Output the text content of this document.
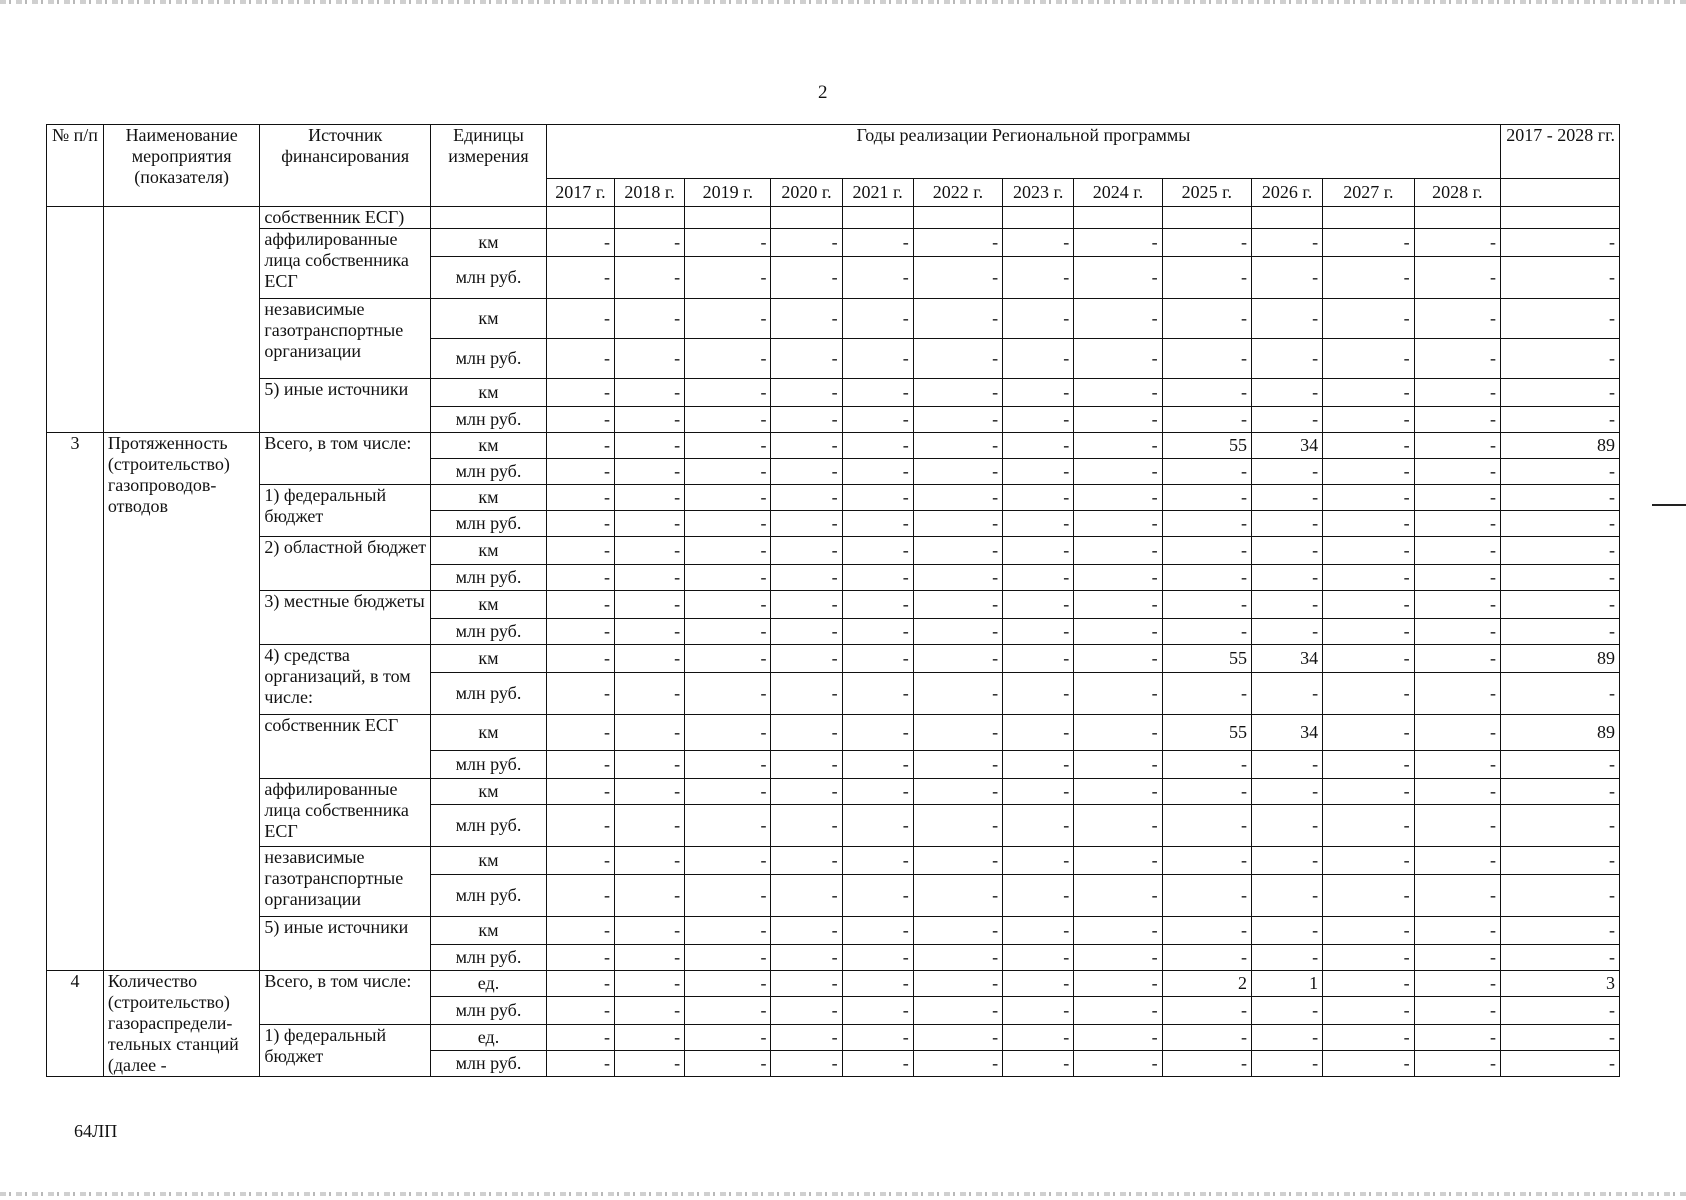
2
№ п/п	Наименование мероприятия (показателя)	Источник финансирования	Единицы измерения	Годы реализации Региональной программы												2017 - 2028 гг.
				2017 г.	2018 г.	2019 г.	2020 г.	2021 г.	2022 г.	2023 г.	2024 г.	2025 г.	2026 г.	2027 г.	2028 г.	
		собственник ЕСГ)														
		аффилированные лица собственника ЕСГ	км	-	-	-	-	-	-	-	-	-	-	-	-	-
			млн руб.	-	-	-	-	-	-	-	-	-	-	-	-	-
		независимые газотранспортные организации	км	-	-	-	-	-	-	-	-	-	-	-	-	-
			млн руб.	-	-	-	-	-	-	-	-	-	-	-	-	-
		5) иные источники	км	-	-	-	-	-	-	-	-	-	-	-	-	-
			млн руб.	-	-	-	-	-	-	-	-	-	-	-	-	-
3	Протяженность (строительство) газопроводов-отводов	Всего, в том числе:	км	-	-	-	-	-	-	-	-	55	34	-	-	89
			млн руб.	-	-	-	-	-	-	-	-	-	-	-	-	-
		1) федеральный бюджет	км	-	-	-	-	-	-	-	-	-	-	-	-	-
			млн руб.	-	-	-	-	-	-	-	-	-	-	-	-	-
		2) областной бюджет	км	-	-	-	-	-	-	-	-	-	-	-	-	-
			млн руб.	-	-	-	-	-	-	-	-	-	-	-	-	-
		3) местные бюджеты	км	-	-	-	-	-	-	-	-	-	-	-	-	-
			млн руб.	-	-	-	-	-	-	-	-	-	-	-	-	-
		4) средства организаций, в том числе:	км	-	-	-	-	-	-	-	-	55	34	-	-	89
			млн руб.	-	-	-	-	-	-	-	-	-	-	-	-	-
		собственник ЕСГ	км	-	-	-	-	-	-	-	-	55	34	-	-	89
			млн руб.	-	-	-	-	-	-	-	-	-	-	-	-	-
		аффилированные лица собственника ЕСГ	км	-	-	-	-	-	-	-	-	-	-	-	-	-
			млн руб.	-	-	-	-	-	-	-	-	-	-	-	-	-
		независимые газотранспортные организации	км	-	-	-	-	-	-	-	-	-	-	-	-	-
			млн руб.	-	-	-	-	-	-	-	-	-	-	-	-	-
		5) иные источники	км	-	-	-	-	-	-	-	-	-	-	-	-	-
			млн руб.	-	-	-	-	-	-	-	-	-	-	-	-	-
4	Количество (строительство) газораспредели-тельных станций (далее -	Всего, в том числе:	ед.	-	-	-	-	-	-	-	-	2	1	-	-	3
			млн руб.	-	-	-	-	-	-	-	-	-	-	-	-	-
		1) федеральный бюджет	ед.	-	-	-	-	-	-	-	-	-	-	-	-	-
			млн руб.	-	-	-	-	-	-	-	-	-	-	-	-	-
64ЛП
